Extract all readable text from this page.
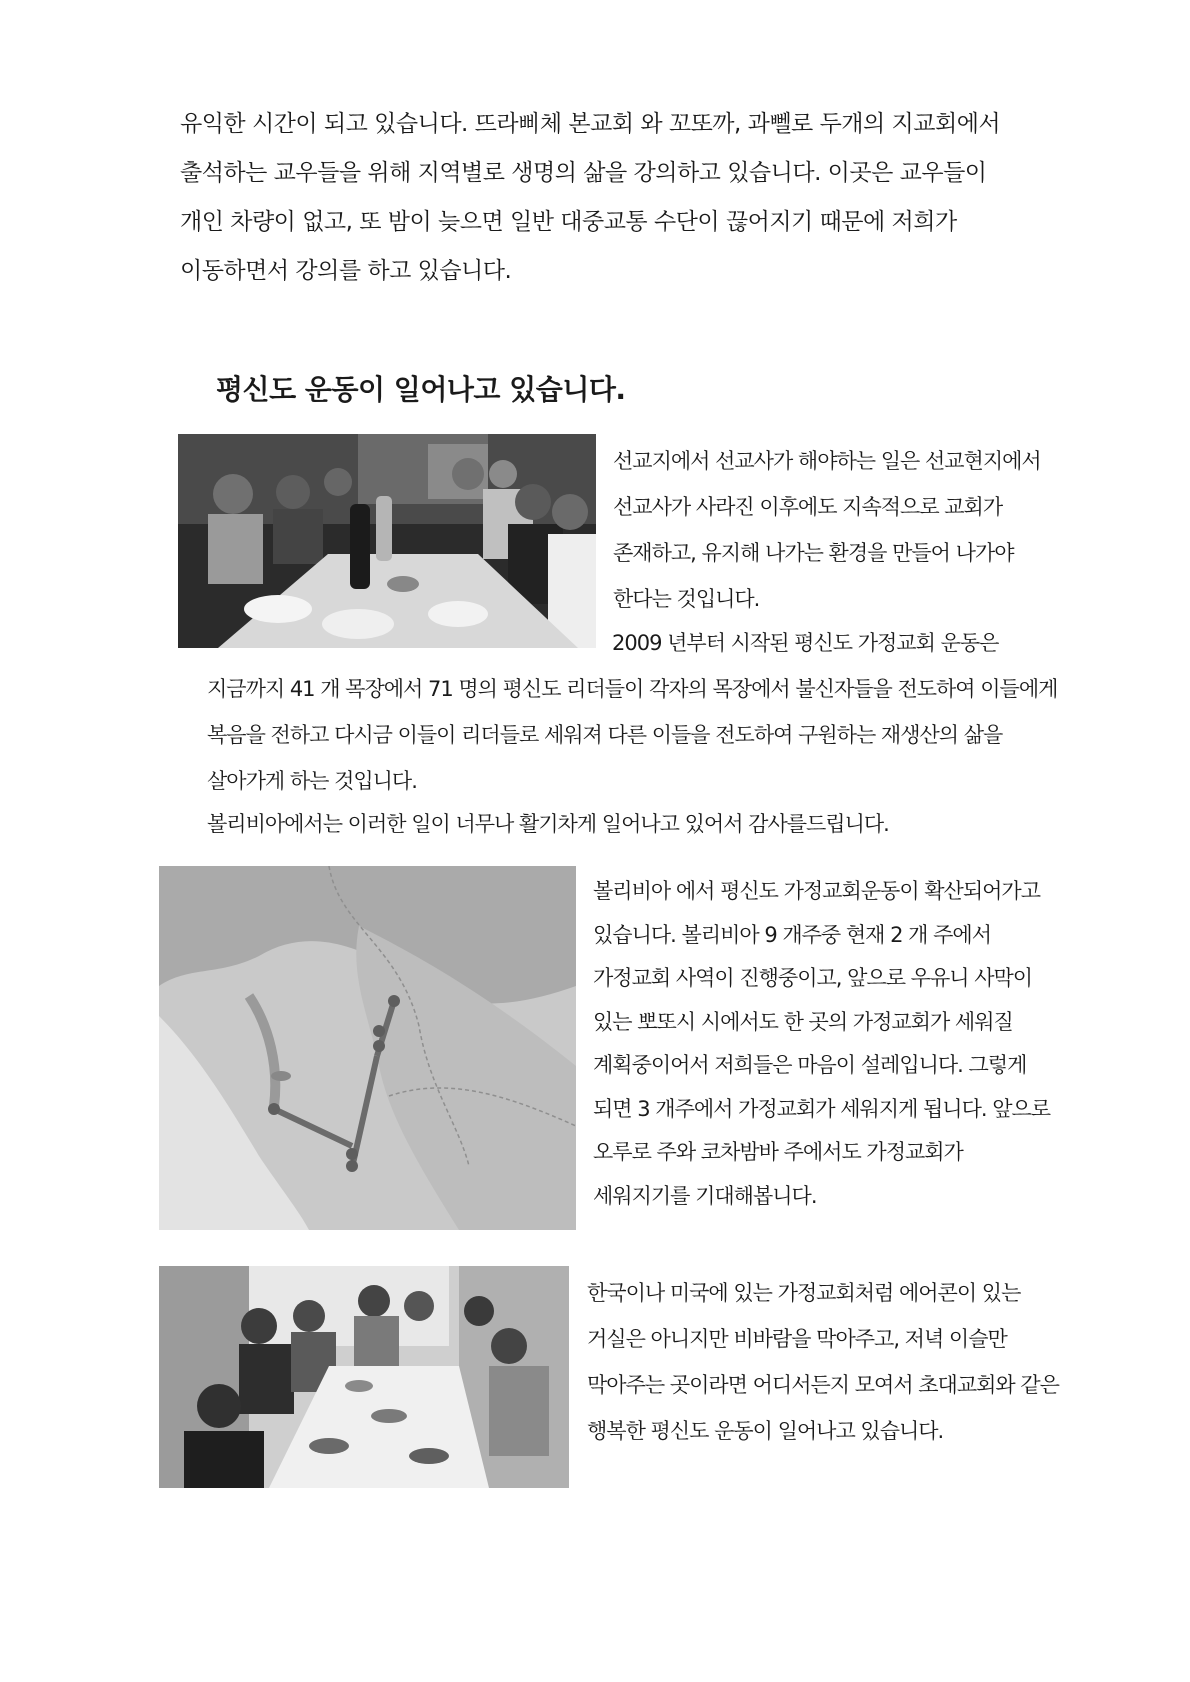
유익한 시간이 되고 있습니다. 뜨라삐체 본교회 와 꼬또까, 과뻴로 두개의 지교회에서
출석하는 교우들을 위해 지역별로 생명의 삶을 강의하고 있습니다. 이곳은 교우들이
개인 차량이 없고, 또 밤이 늦으면 일반 대중교통 수단이 끊어지기 때문에 저희가
이동하면서 강의를 하고 있습니다.

평신도 운동이 일어나고 있습니다.

선교지에서 선교사가 해야하는 일은 선교현지에서
선교사가 사라진 이후에도 지속적으로 교회가
존재하고, 유지해 나가는 환경을 만들어 나가야
한다는 것입니다.

2009 년부터 시작된 평신도 가정교회 운동은
지금까지 41 개 목장에서 71 명의 평신도 리더들이 각자의 목장에서 불신자들을 전도하여 이들에게
복음을 전하고 다시금 이들이 리더들로 세워져 다른 이들을 전도하여 구원하는 재생산의 삶을
살아가게 하는 것입니다.

볼리비아에서는 이러한 일이 너무나 활기차게 일어나고 있어서 감사를드립니다.

볼리비아 에서 평신도 가정교회운동이 확산되어가고
있습니다. 볼리비아 9 개주중 현재 2 개 주에서
가정교회 사역이 진행중이고, 앞으로 우유니 사막이
있는 뽀또시 시에서도 한 곳의 가정교회가 세워질
계획중이어서 저희들은 마음이 설레입니다. 그렇게
되면 3 개주에서 가정교회가 세워지게 됩니다. 앞으로
오루로 주와 코차밤바 주에서도 가정교회가
세워지기를 기대해봅니다.

한국이나 미국에 있는 가정교회처럼 에어콘이 있는
거실은 아니지만 비바람을 막아주고, 저녁 이슬만
막아주는 곳이라면 어디서든지 모여서 초대교회와 같은
행복한 평신도 운동이 일어나고 있습니다.
